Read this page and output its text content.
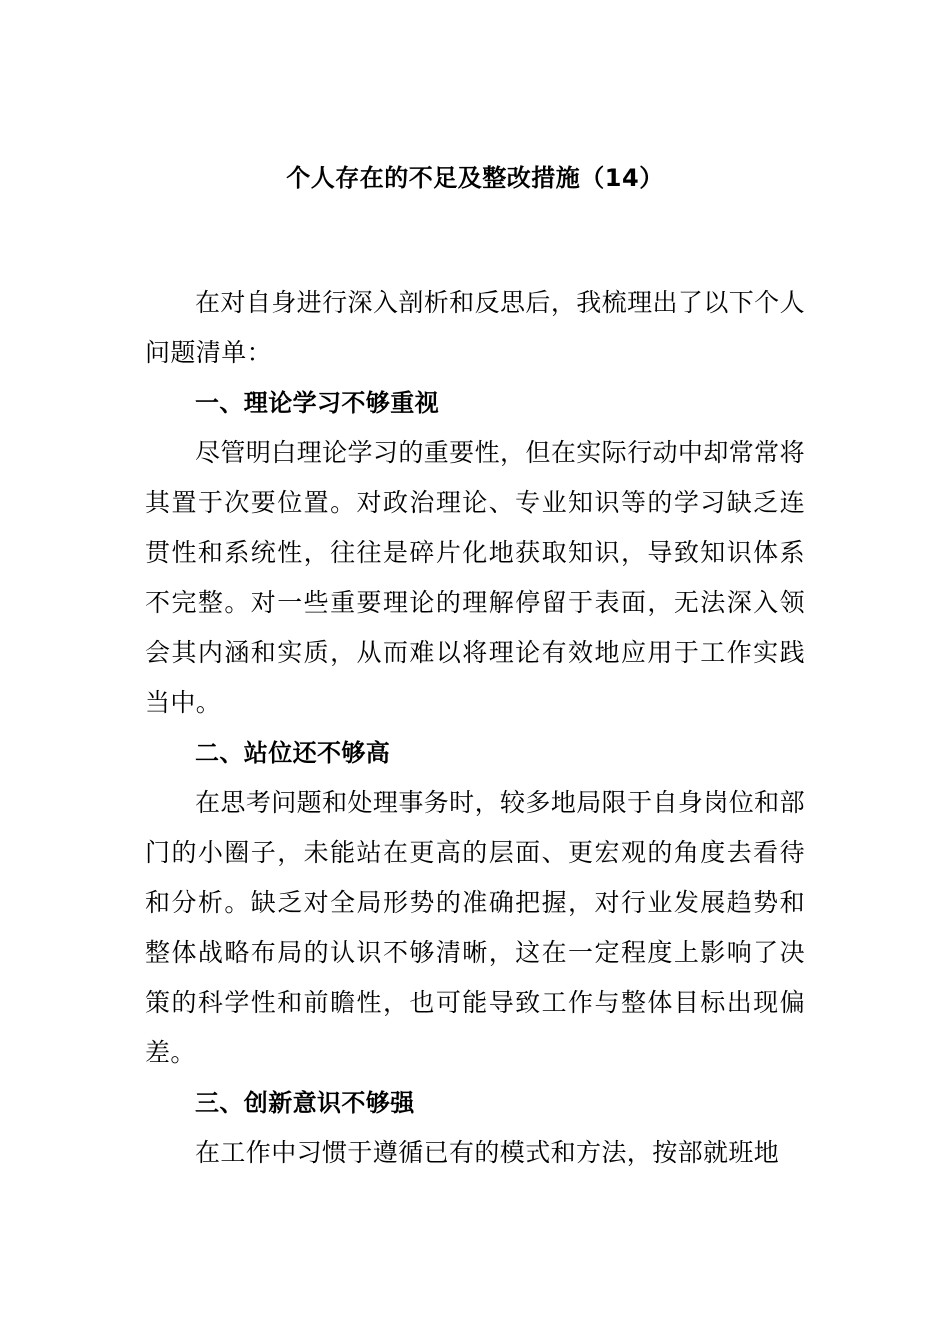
个人存在的不足及整改措施（14）

在对自身进行深入剖析和反思后，我梳理出了以下个人问题清单：

一、理论学习不够重视

尽管明白理论学习的重要性，但在实际行动中却常常将其置于次要位置。对政治理论、专业知识等的学习缺乏连贯性和系统性，往往是碎片化地获取知识，导致知识体系不完整。对一些重要理论的理解停留于表面，无法深入领会其内涵和实质，从而难以将理论有效地应用于工作实践当中。

二、站位还不够高

在思考问题和处理事务时，较多地局限于自身岗位和部门的小圈子，未能站在更高的层面、更宏观的角度去看待和分析。缺乏对全局形势的准确把握，对行业发展趋势和整体战略布局的认识不够清晰，这在一定程度上影响了决策的科学性和前瞻性，也可能导致工作与整体目标出现偏差。

三、创新意识不够强

在工作中习惯于遵循已有的模式和方法，按部就班地
